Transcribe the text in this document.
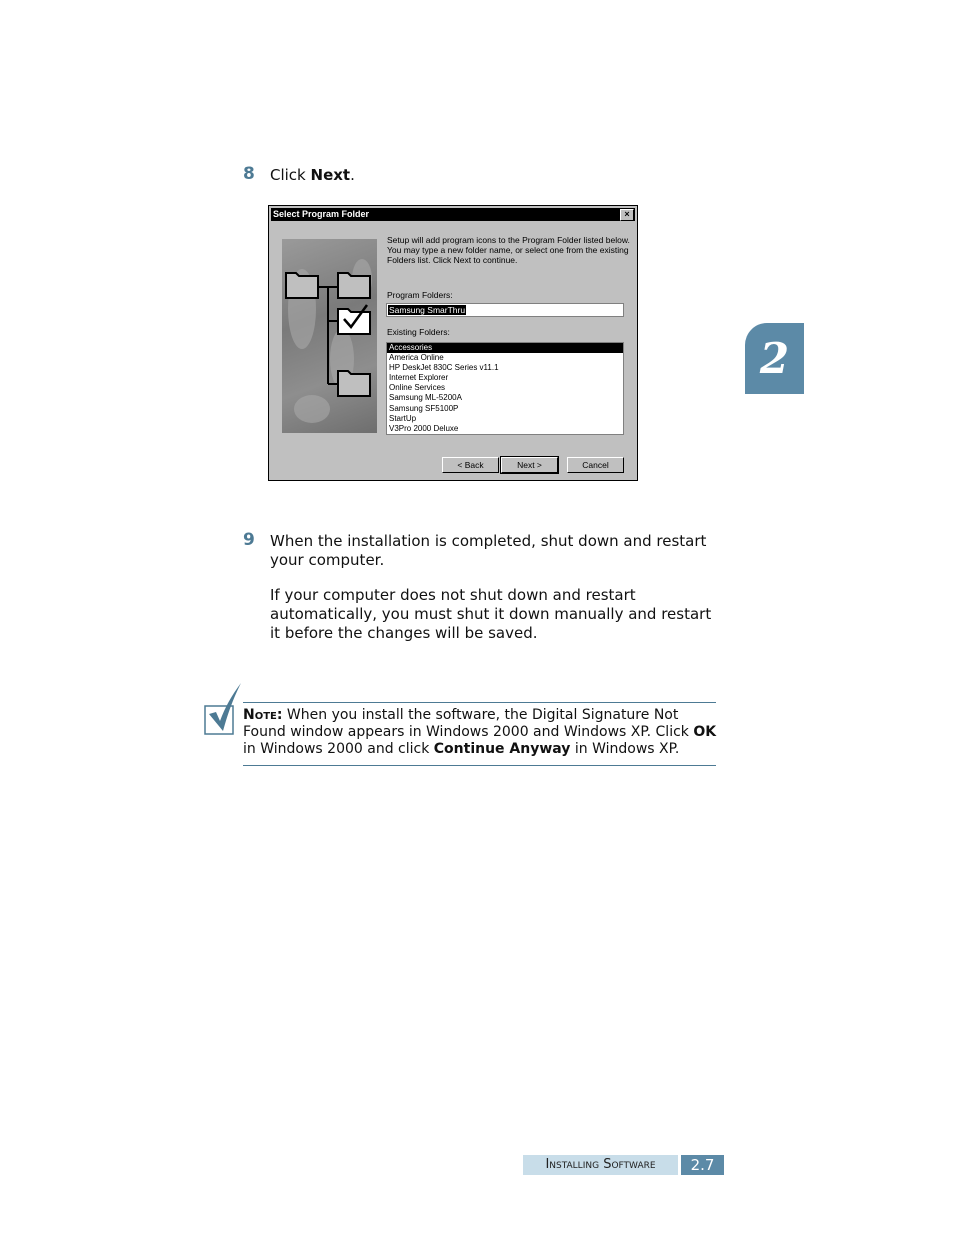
8 Click Next.
Select Program Folder	×
Setup will add program icons to the Program Folder listed below. You may type a new folder name, or select one from the existing Folders list. Click Next to continue.
Program Folders:
Samsung SmarThru
Existing Folders:
Accessories
America Online
HP DeskJet 830C Series v11.1
Internet Explorer
Online Services
Samsung ML-5200A
Samsung SF5100P
StartUp
V3Pro 2000 Deluxe
< Back	Next >	Cancel
2
9 When the installation is completed, shut down and restart your computer.
If your computer does not shut down and restart automatically, you must shut it down manually and restart it before the changes will be saved.
Note: When you install the software, the Digital Signature Not Found window appears in Windows 2000 and Windows XP. Click OK in Windows 2000 and click Continue Anyway in Windows XP.
Installing Software	2.7
